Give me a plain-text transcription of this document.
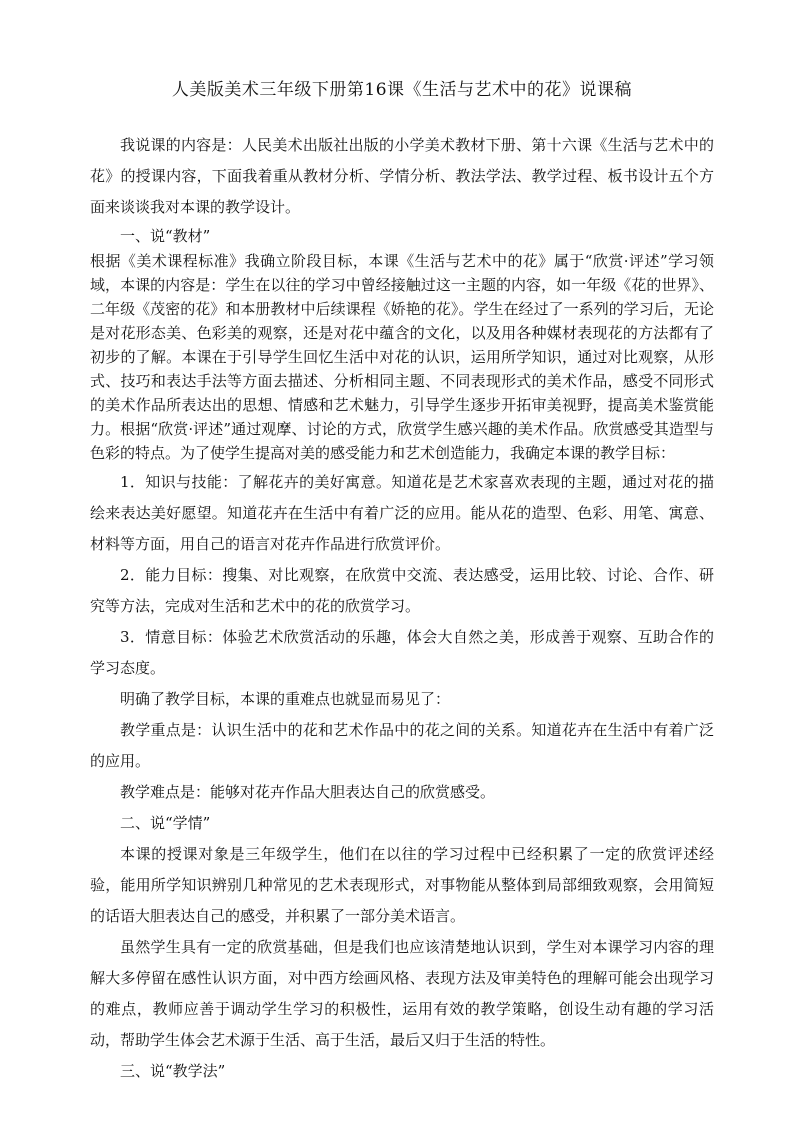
人美版美术三年级下册第16课《生活与艺术中的花》说课稿

我说课的内容是：人民美术出版社出版的小学美术教材下册、第十六课《生活与艺术中的花》的授课内容，下面我着重从教材分析、学情分析、教法学法、教学过程、板书设计五个方面来谈谈我对本课的教学设计。

一、说“教材”

根据《美术课程标准》我确立阶段目标，本课《生活与艺术中的花》属于“欣赏·评述”学习领域，本课的内容是：学生在以往的学习中曾经接触过这一主题的内容，如一年级《花的世界》、二年级《茂密的花》和本册教材中后续课程《娇艳的花》。学生在经过了一系列的学习后，无论是对花形态美、色彩美的观察，还是对花中蕴含的文化，以及用各种媒材表现花的方法都有了初步的了解。本课在于引导学生回忆生活中对花的认识，运用所学知识，通过对比观察，从形式、技巧和表达手法等方面去描述、分析相同主题、不同表现形式的美术作品，感受不同形式的美术作品所表达出的思想、情感和艺术魅力，引导学生逐步开拓审美视野，提高美术鉴赏能力。根据“欣赏·评述”通过观摩、讨论的方式，欣赏学生感兴趣的美术作品。欣赏感受其造型与色彩的特点。为了使学生提高对美的感受能力和艺术创造能力，我确定本课的教学目标：

1．知识与技能：了解花卉的美好寓意。知道花是艺术家喜欢表现的主题，通过对花的描绘来表达美好愿望。知道花卉在生活中有着广泛的应用。能从花的造型、色彩、用笔、寓意、材料等方面，用自己的语言对花卉作品进行欣赏评价。

2．能力目标：搜集、对比观察，在欣赏中交流、表达感受，运用比较、讨论、合作、研究等方法，完成对生活和艺术中的花的欣赏学习。

3．情意目标：体验艺术欣赏活动的乐趣，体会大自然之美，形成善于观察、互助合作的学习态度。

明确了教学目标，本课的重难点也就显而易见了：

教学重点是：认识生活中的花和艺术作品中的花之间的关系。知道花卉在生活中有着广泛的应用。

教学难点是：能够对花卉作品大胆表达自己的欣赏感受。

二、说“学情”

本课的授课对象是三年级学生，他们在以往的学习过程中已经积累了一定的欣赏评述经验，能用所学知识辨别几种常见的艺术表现形式，对事物能从整体到局部细致观察，会用简短的话语大胆表达自己的感受，并积累了一部分美术语言。

虽然学生具有一定的欣赏基础，但是我们也应该清楚地认识到，学生对本课学习内容的理解大多停留在感性认识方面，对中西方绘画风格、表现方法及审美特色的理解可能会出现学习的难点，教师应善于调动学生学习的积极性，运用有效的教学策略，创设生动有趣的学习活动，帮助学生体会艺术源于生活、高于生活，最后又归于生活的特性。

三、说“教学法”
